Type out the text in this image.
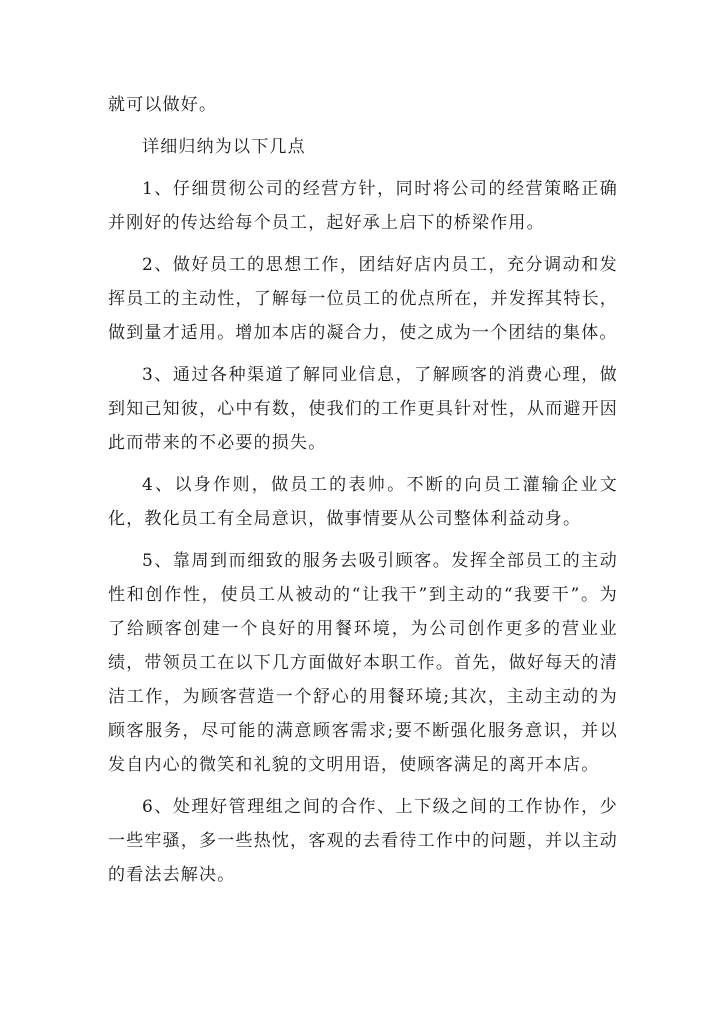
就可以做好。

详细归纳为以下几点

1、仔细贯彻公司的经营方针，同时将公司的经营策略正确并刚好的传达给每个员工，起好承上启下的桥梁作用。

2、做好员工的思想工作，团结好店内员工，充分调动和发挥员工的主动性，了解每一位员工的优点所在，并发挥其特长，做到量才适用。增加本店的凝合力，使之成为一个团结的集体。

3、通过各种渠道了解同业信息，了解顾客的消费心理，做到知己知彼，心中有数，使我们的工作更具针对性，从而避开因此而带来的不必要的损失。

4、以身作则，做员工的表帅。不断的向员工灌输企业文化，教化员工有全局意识，做事情要从公司整体利益动身。

5、靠周到而细致的服务去吸引顾客。发挥全部员工的主动性和创作性，使员工从被动的“让我干”到主动的“我要干”。为了给顾客创建一个良好的用餐环境，为公司创作更多的营业业绩，带领员工在以下几方面做好本职工作。首先，做好每天的清洁工作，为顾客营造一个舒心的用餐环境;其次，主动主动的为顾客服务，尽可能的满意顾客需求;要不断强化服务意识，并以发自内心的微笑和礼貌的文明用语，使顾客满足的离开本店。

6、处理好管理组之间的合作、上下级之间的工作协作，少一些牢骚，多一些热忱，客观的去看待工作中的问题，并以主动的看法去解决。
